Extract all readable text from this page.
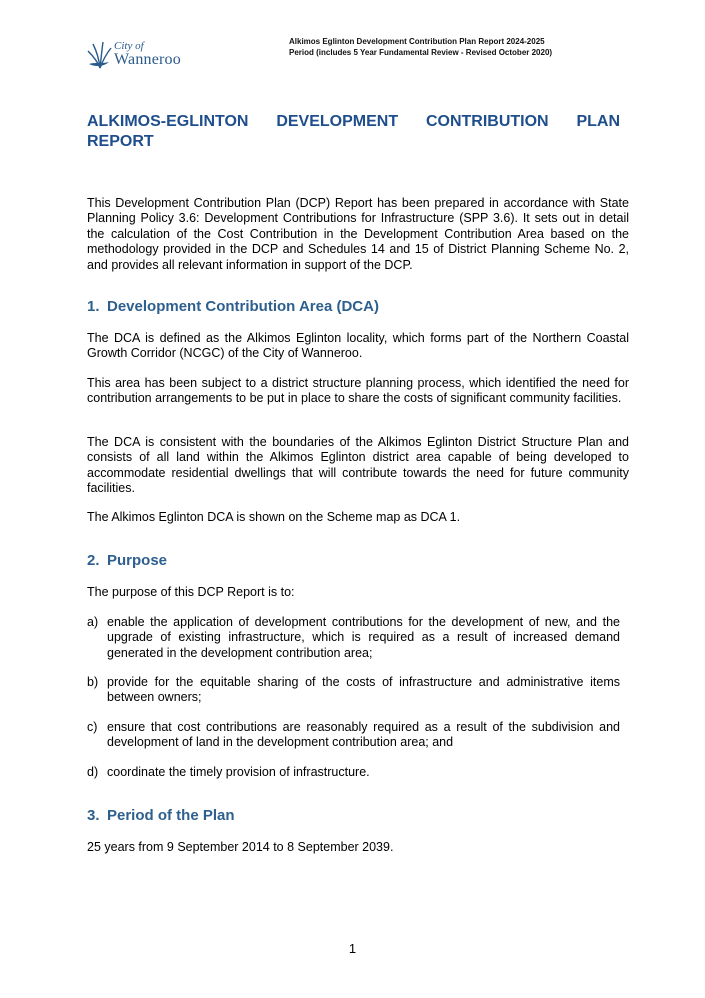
City of
Wanneroo
Alkimos Eglinton Development Contribution Plan Report 2024-2025
Period (includes 5 Year Fundamental Review - Revised October 2020)
ALKIMOS-EGLINTON DEVELOPMENT CONTRIBUTION PLAN REPORT

This Development Contribution Plan (DCP) Report has been prepared in accordance with State Planning Policy 3.6: Development Contributions for Infrastructure (SPP 3.6). It sets out in detail the calculation of the Cost Contribution in the Development Contribution Area based on the methodology provided in the DCP and Schedules 14 and 15 of District Planning Scheme No. 2, and provides all relevant information in support of the DCP.

1. Development Contribution Area (DCA)

The DCA is defined as the Alkimos Eglinton locality, which forms part of the Northern Coastal Growth Corridor (NCGC) of the City of Wanneroo.

This area has been subject to a district structure planning process, which identified the need for contribution arrangements to be put in place to share the costs of significant community facilities.

The DCA is consistent with the boundaries of the Alkimos Eglinton District Structure Plan and consists of all land within the Alkimos Eglinton district area capable of being developed to accommodate residential dwellings that will contribute towards the need for future community facilities.

The Alkimos Eglinton DCA is shown on the Scheme map as DCA 1.

2. Purpose

The purpose of this DCP Report is to:

a) enable the application of development contributions for the development of new, and the upgrade of existing infrastructure, which is required as a result of increased demand generated in the development contribution area;
b) provide for the equitable sharing of the costs of infrastructure and administrative items between owners;
c) ensure that cost contributions are reasonably required as a result of the subdivision and development of land in the development contribution area; and
d) coordinate the timely provision of infrastructure.
3. Period of the Plan

25 years from 9 September 2014 to 8 September 2039.

1
